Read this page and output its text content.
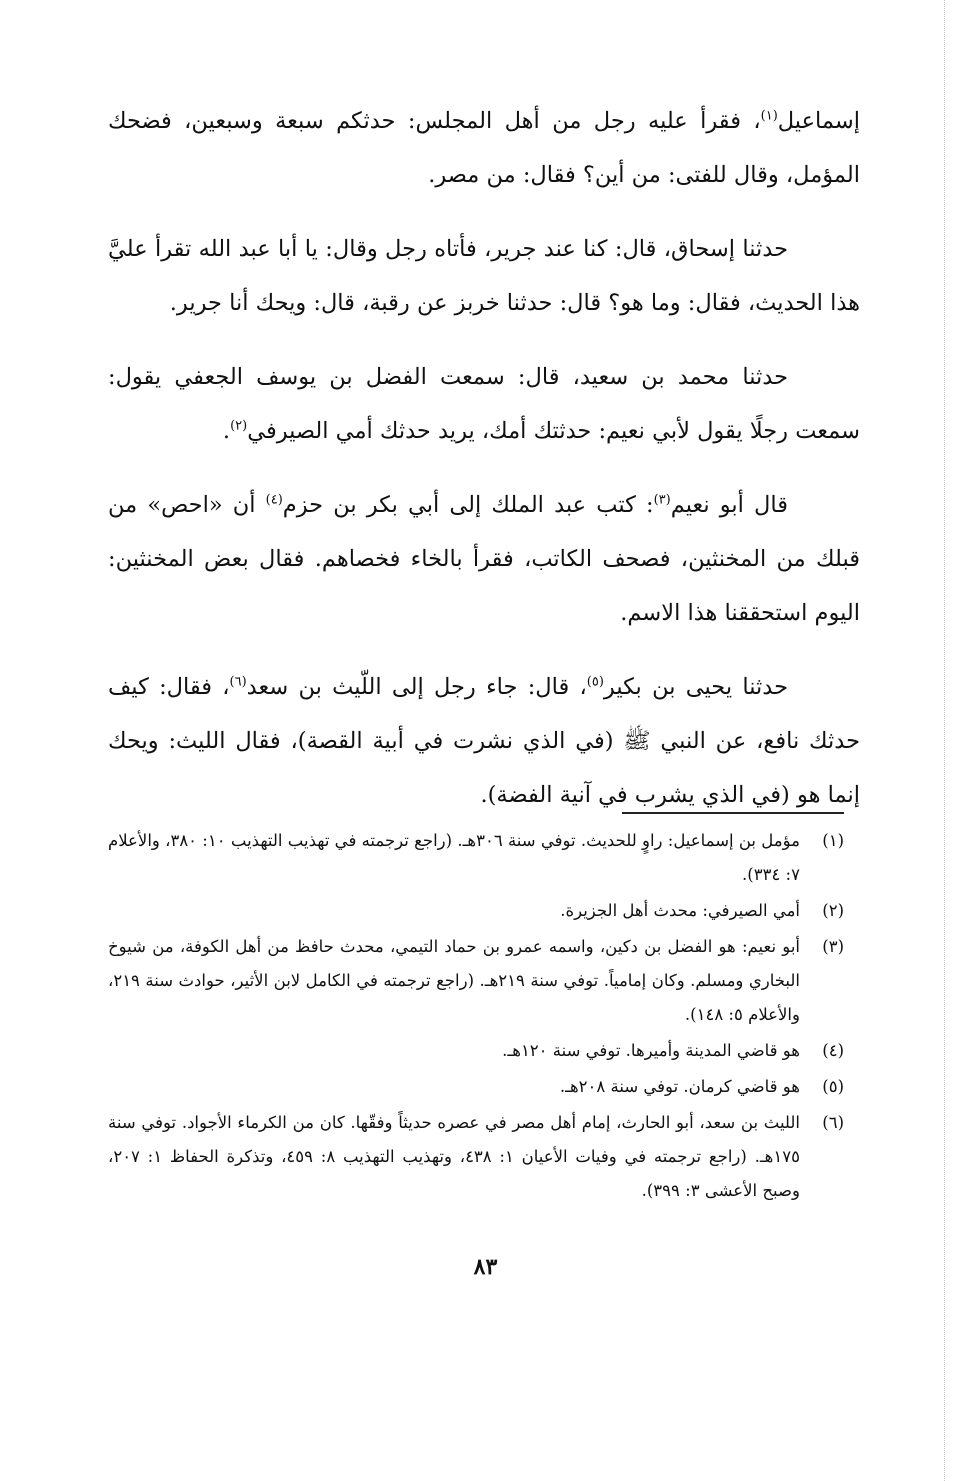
إسماعيل$^{(١)}$، فقرأ عليه رجل من أهل المجلس: حدثكم سبعة وسبعين، فضحك المؤمل، وقال للفتى: من أين؟ فقال: من مصر.

حدثنا إسحاق، قال: كنا عند جرير، فأتاه رجل وقال: يا أبا عبد الله تقرأ عليَّ هذا الحديث، فقال: وما هو؟ قال: حدثنا خربز عن رقبة، قال: ويحك أنا جرير.

حدثنا محمد بن سعيد، قال: سمعت الفضل بن يوسف الجعفي يقول: سمعت رجلًا يقول لأبي نعيم: حدثتك أمك، يريد حدثك أمي الصيرفي$^{(٢)}$.

قال أبو نعيم$^{(٣)}$: كتب عبد الملك إلى أبي بكر بن حزم$^{(٤)}$ أن «احص» من قبلك من المخنثين، فصحف الكاتب، فقرأ بالخاء فخصاهم. فقال بعض المخنثين: اليوم استحققنا هذا الاسم.

حدثنا يحيى بن بكير$^{(٥)}$، قال: جاء رجل إلى اللّيث بن سعد$^{(٦)}$، فقال: كيف حدثك نافع، عن النبي ﷺ (في الذي نشرت في أبية القصة)، فقال الليث: ويحك إنما هو (في الذي يشرب في آنية الفضة).

(١)
مؤمل بن إسماعيل: راوٍ للحديث. توفي سنة ٣٠٦هـ. (راجع ترجمته في تهذيب التهذيب ١٠: ٣٨٠، والأعلام ٧: ٣٣٤).
(٢)
أمي الصيرفي: محدث أهل الجزيرة.
(٣)
أبو نعيم: هو الفضل بن دكين، واسمه عمرو بن حماد التيمي، محدث حافظ من أهل الكوفة، من شيوخ البخاري ومسلم. وكان إمامياً. توفي سنة ٢١٩هـ. (راجع ترجمته في الكامل لابن الأثير، حوادث سنة ٢١٩، والأعلام ٥: ١٤٨).
(٤)
هو قاضي المدينة وأميرها. توفي سنة ١٢٠هـ.
(٥)
هو قاضي كرمان. توفي سنة ٢٠٨هـ.
(٦)
الليث بن سعد، أبو الحارث، إمام أهل مصر في عصره حديثاً وفقّها. كان من الكرماء الأجواد. توفي سنة ١٧٥هـ. (راجع ترجمته في وفيات الأعيان ١: ٤٣٨، وتهذيب التهذيب ٨: ٤٥٩، وتذكرة الحفاظ ١: ٢٠٧، وصبح الأعشى ٣: ٣٩٩).
٨٣
